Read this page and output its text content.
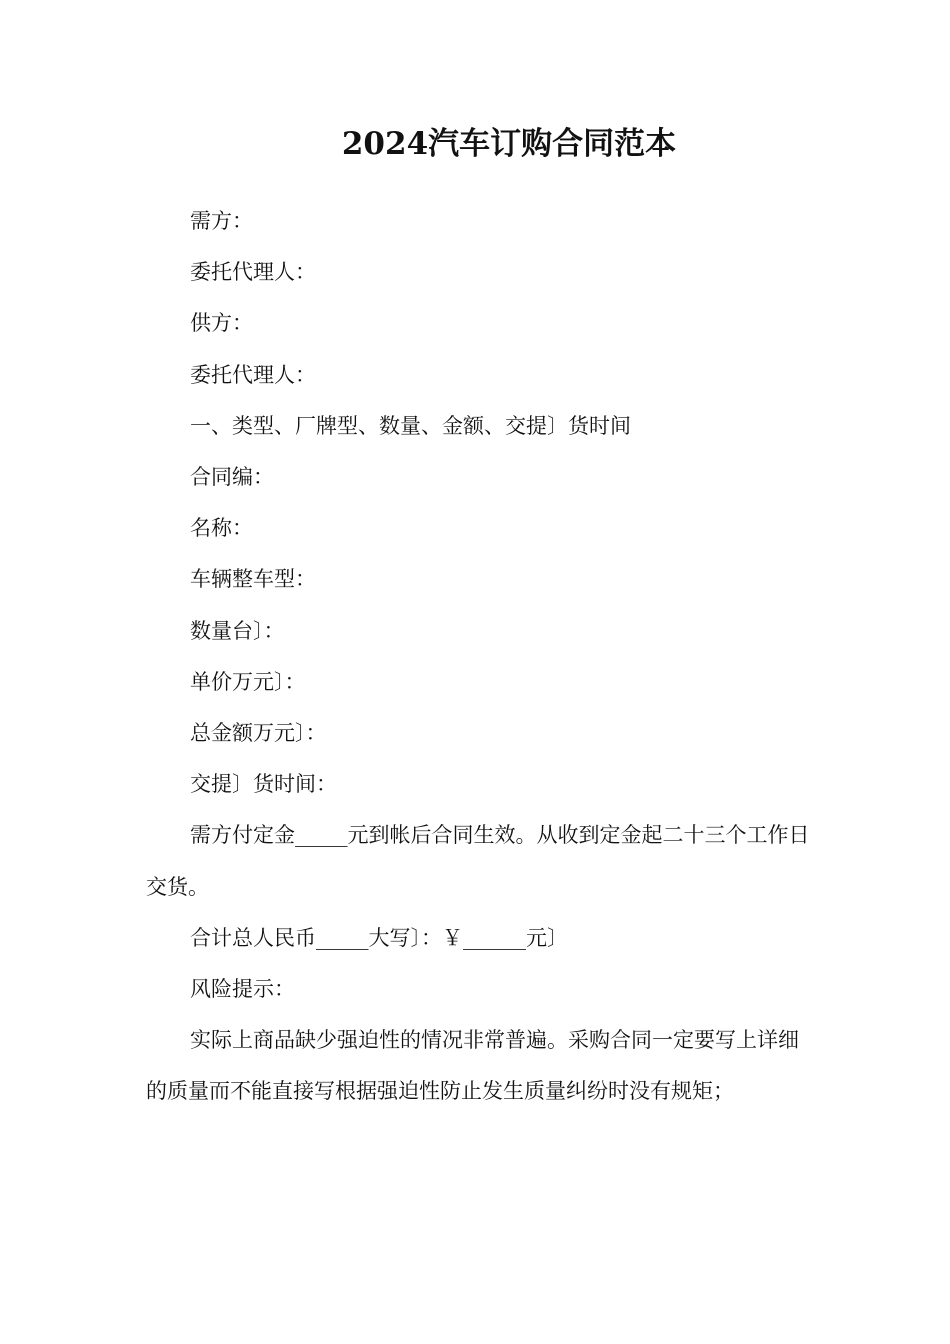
2024汽车订购合同范本

需方：

委托代理人：

供方：

委托代理人：

一、类型、厂牌型、数量、金额、交提〕货时间

合同编：

名称：

车辆整车型：

数量台〕：

单价万元〕：

总金额万元〕：

交提〕货时间：

需方付定金_____元到帐后合同生效。从收到定金起二十三个工作日交货。

合计总人民币_____大写〕：￥______元〕

风险提示：

实际上商品缺少强迫性的情况非常普遍。采购合同一定要写上详细的质量而不能直接写根据强迫性防止发生质量纠纷时没有规矩；
